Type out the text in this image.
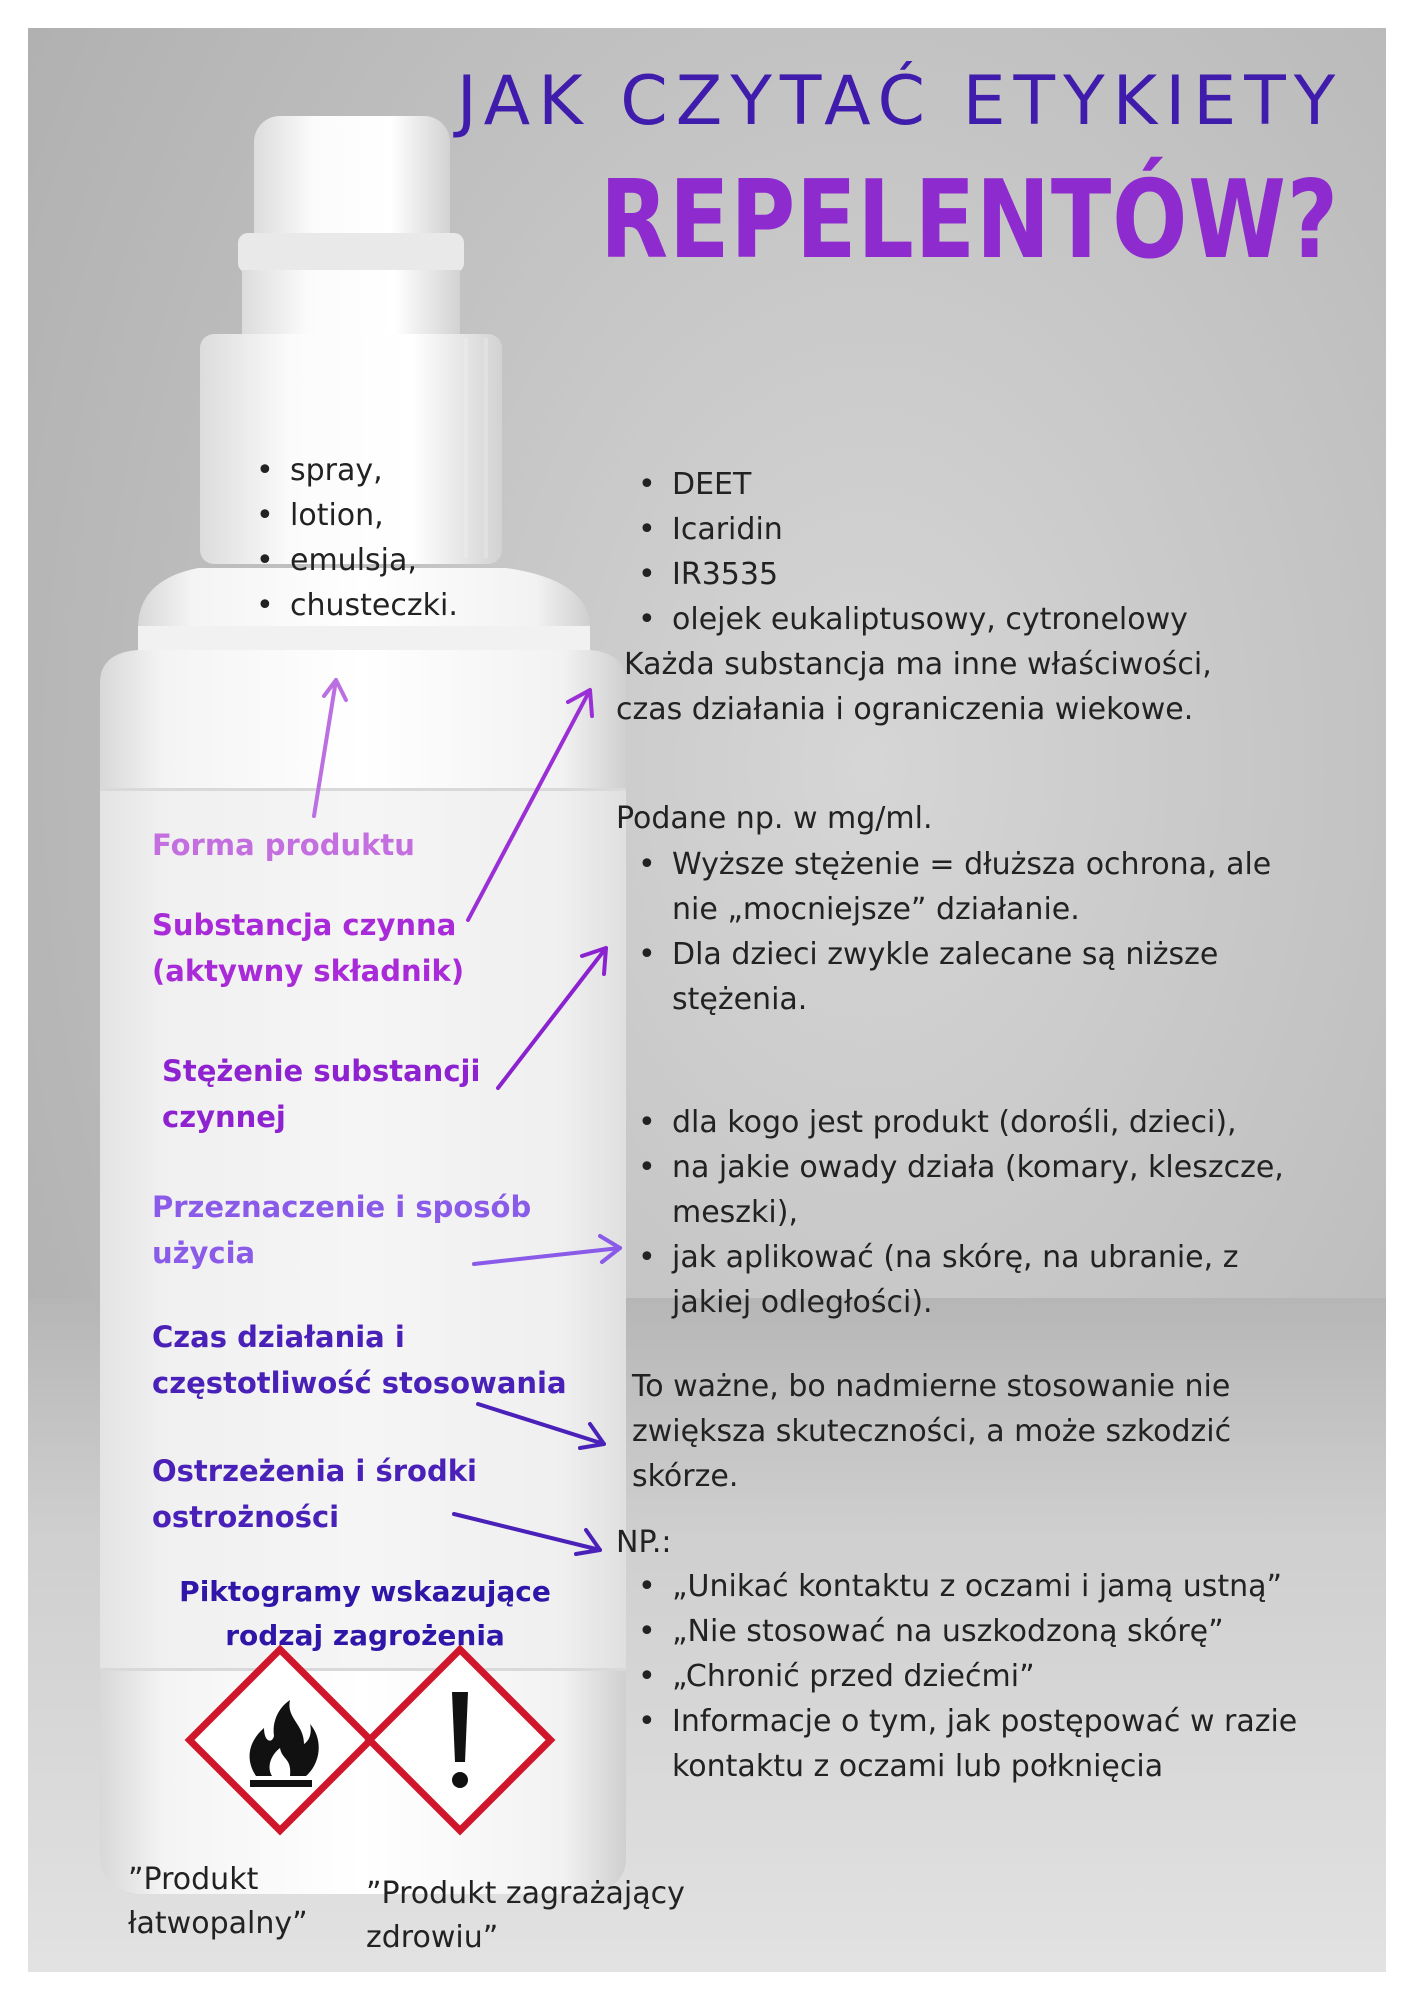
JAK CZYTAĆ ETYKIETY
REPELENTÓW?
• spray,
• lotion,
• emulsja,
• chusteczki.
• DEET
• Icaridin
• IR3535
• olejek eukaliptusowy, cytronelowy
Każda substancja ma inne właściwości,
czas działania i ograniczenia wiekowe.
Podane np. w mg/ml.
• Wyższe stężenie = dłuższa ochrona, ale
nie „mocniejsze” działanie.
• Dla dzieci zwykle zalecane są niższe
stężenia.
• dla kogo jest produkt (dorośli, dzieci),
• na jakie owady działa (komary, kleszcze,
meszki),
• jak aplikować (na skórę, na ubranie, z
jakiej odległości).
To ważne, bo nadmierne stosowanie nie
zwiększa skuteczności, a może szkodzić
skórze.
NP.:
• „Unikać kontaktu z oczami i jamą ustną”
• „Nie stosować na uszkodzoną skórę”
• „Chronić przed dziećmi”
• Informacje o tym, jak postępować w razie
kontaktu z oczami lub połknięcia
Forma produktu
Substancja czynna
(aktywny składnik)
Stężenie substancji
czynnej
Przeznaczenie i sposób
użycia
Czas działania i
częstotliwość stosowania
Ostrzeżenia i środki
ostrożności
Piktogramy wskazujące
rodzaj zagrożenia
”Produkt
łatwopalny”
”Produkt zagrażający
zdrowiu”
